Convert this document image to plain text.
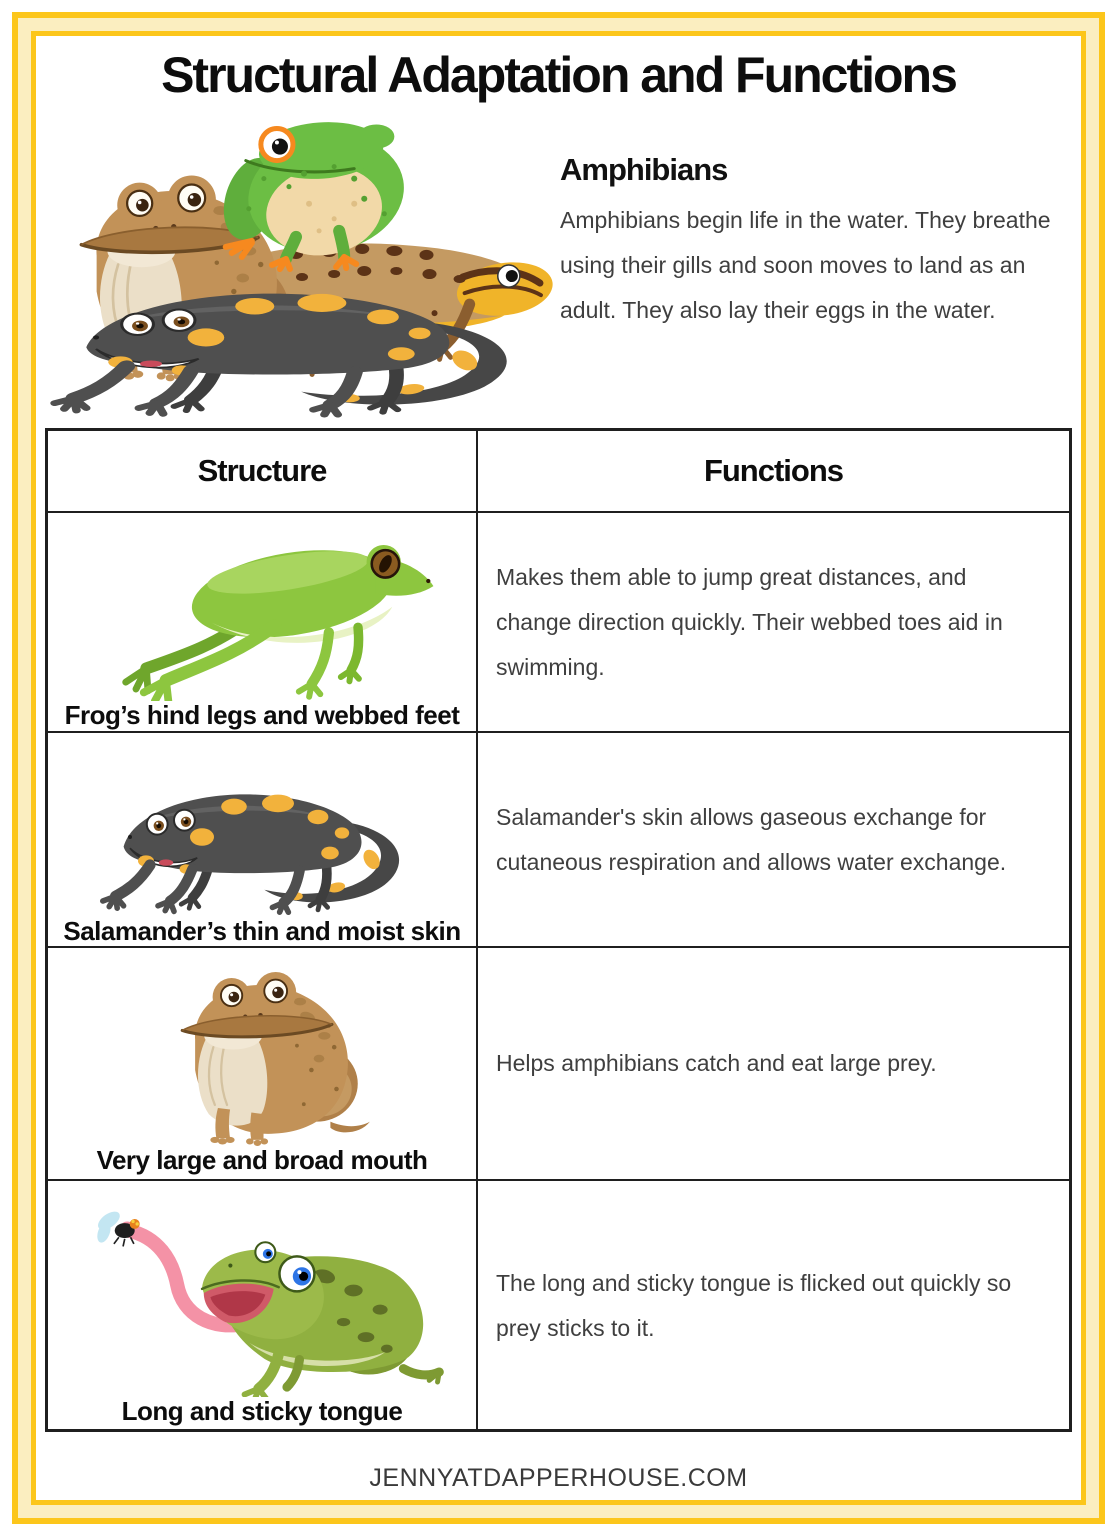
Structural Adaptation and Functions
Amphibians

Amphibians begin life in the water. They breathe using their gills and soon moves to land as an adult. They also lay their eggs in the water.

Structure	Functions
Frog’s hind legs and webbed feet

Makes them able to jump great distances, and change direction quickly. Their webbed toes aid in swimming.

Salamander’s thin and moist skin

Salamander's skin allows gaseous exchange for cutaneous respiration and allows water exchange.

Very large and broad mouth

Helps amphibians catch and eat large prey.

Long and sticky tongue

The long and sticky tongue is flicked out quickly so prey sticks to it.

JENNYATDAPPERHOUSE.COM
